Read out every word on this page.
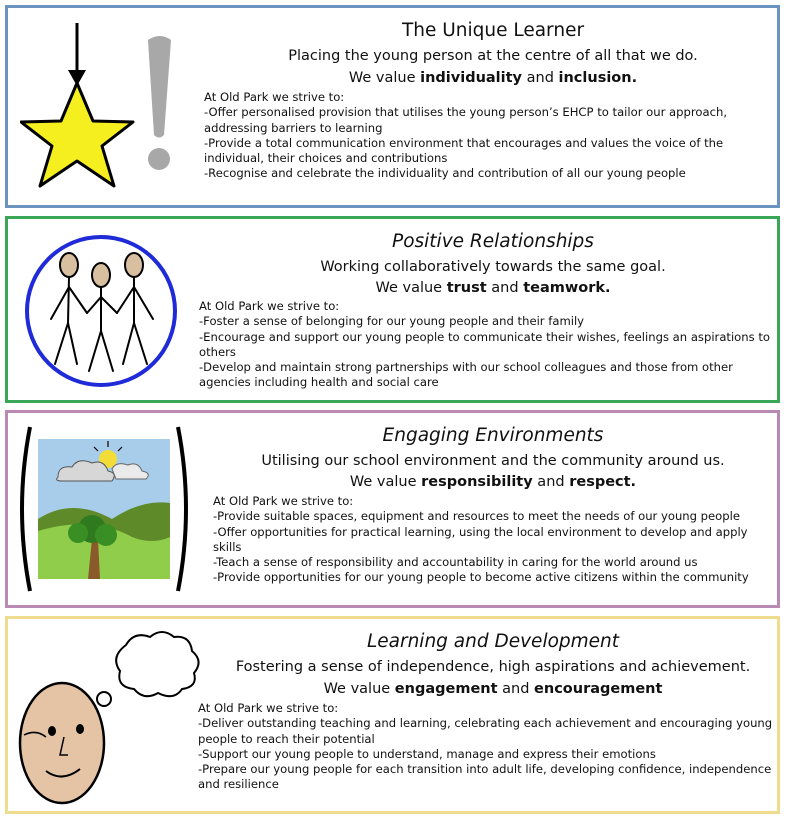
The Unique Learner
Placing the young person at the centre of all that we do.
We value individuality and inclusion.
At Old Park we strive to:
-Offer personalised provision that utilises the young person’s EHCP to tailor our approach, addressing barriers to learning
-Provide a total communication environment that encourages and values the voice of the individual, their choices and contributions
-Recognise and celebrate the individuality and contribution of all our young people
Positive Relationships
Working collaboratively towards the same goal.
We value trust and teamwork.
At Old Park we strive to:
-Foster a sense of belonging for our young people and their family
-Encourage and support our young people to communicate their wishes, feelings an aspirations to others
-Develop and maintain strong partnerships with our school colleagues and those from other agencies including health and social care
Engaging Environments
Utilising our school environment and the community around us.
We value responsibility and respect.
At Old Park we strive to:
-Provide suitable spaces, equipment and resources to meet the needs of our young people
-Offer opportunities for practical learning, using the local environment to develop and apply skills
-Teach a sense of responsibility and accountability in caring for the world around us
-Provide opportunities for our young people to become active citizens within the community
Learning and Development
Fostering a sense of independence, high aspirations and achievement.
We value engagement and encouragement
At Old Park we strive to:
-Deliver outstanding teaching and learning, celebrating each achievement and encouraging young people to reach their potential
-Support our young people to understand, manage and express their emotions
-Prepare our young people for each transition into adult life, developing confidence, independence and resilience
